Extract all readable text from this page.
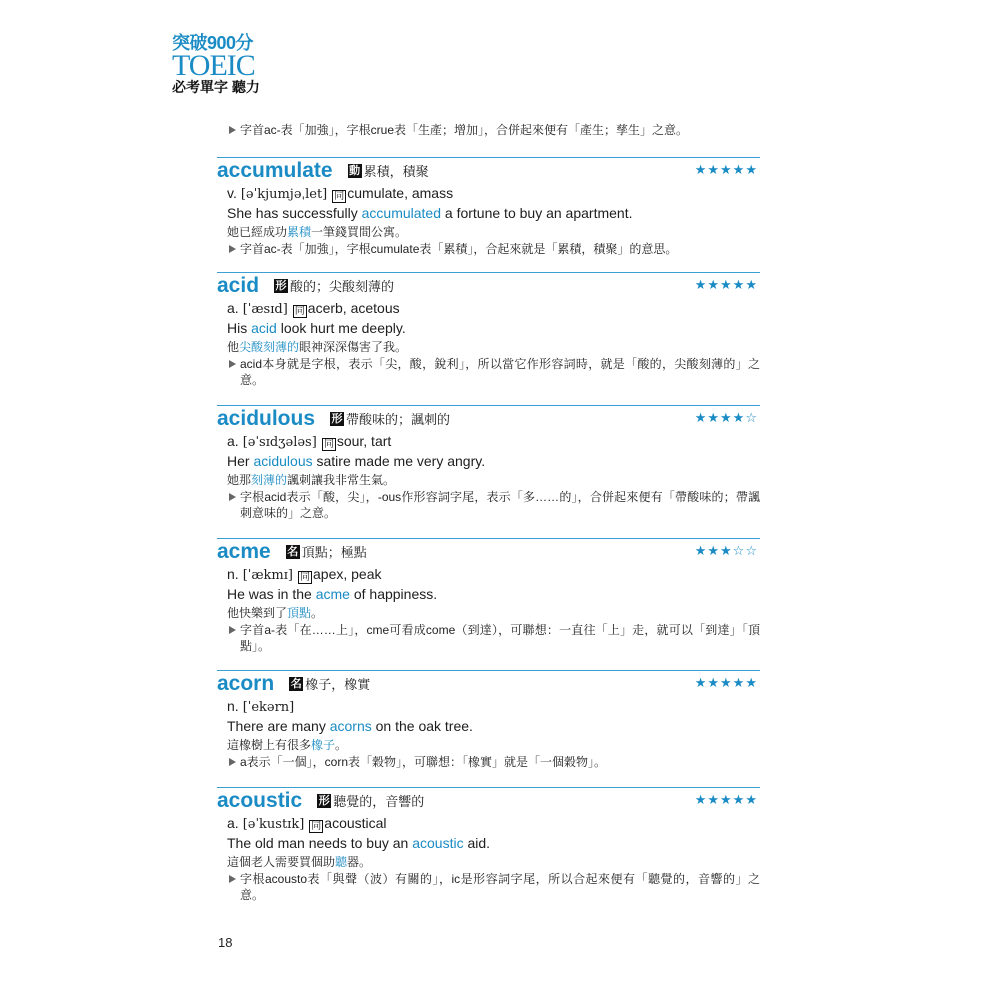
突破900分
TOEIC
必考單字 聽力
字首ac-表「加強」，字根crue表「生產；增加」，合併起來便有「產生；孳生」之意。
accumulate 動 累積，積聚	★★★★★
v. [əˈkjumjəˌlet] 同 cumulate, amass
She has successfully accumulated a fortune to buy an apartment.
她已經成功累積一筆錢買間公寓。
字首ac-表「加強」，字根cumulate表「累積」，合起來就是「累積，積聚」的意思。
acid 形 酸的；尖酸刻薄的	★★★★★
a. [ˈæsɪd] 同 acerb, acetous
His acid look hurt me deeply.
他尖酸刻薄的眼神深深傷害了我。
acid本身就是字根，表示「尖，酸，銳利」，所以當它作形容詞時，就是「酸的，尖酸刻薄的」之意。
acidulous 形 帶酸味的；諷刺的	★★★★☆
a. [əˈsɪdʒələs] 同 sour, tart
Her acidulous satire made me very angry.
她那刻薄的諷刺讓我非常生氣。
字根acid表示「酸，尖」，-ous作形容詞字尾，表示「多……的」，合併起來便有「帶酸味的；帶諷刺意味的」之意。
acme 名 頂點；極點	★★★☆☆
n. [ˈækmɪ] 同 apex, peak
He was in the acme of happiness.
他快樂到了頂點。
字首a-表「在……上」，cme可看成come（到達），可聯想：一直往「上」走，就可以「到達」「頂點」。
acorn 名 橡子，橡實	★★★★★
n. [ˈekərn]
There are many acorns on the oak tree.
這橡樹上有很多橡子。
a表示「一個」，corn表「穀物」，可聯想：「橡實」就是「一個穀物」。
acoustic 形 聽覺的，音響的	★★★★★
a. [əˈkustɪk] 同 acoustical
The old man needs to buy an acoustic aid.
這個老人需要買個助聽器。
字根acousto表「與聲（波）有關的」，ic是形容詞字尾，所以合起來便有「聽覺的，音響的」之意。
18
